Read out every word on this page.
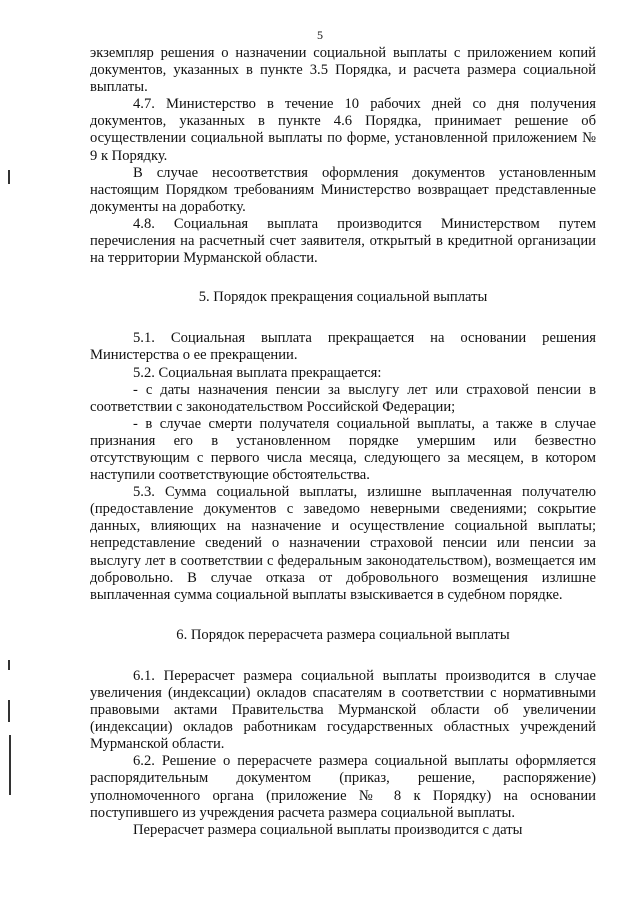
5

экземпляр решения о назначении социальной выплаты с приложением копий документов, указанных в пункте 3.5 Порядка, и расчета размера социальной выплаты.

4.7. Министерство в течение 10 рабочих дней со дня получения документов, указанных в пункте 4.6 Порядка, принимает решение об осуществлении социальной выплаты по форме, установленной приложением № 9 к Порядку.

В случае несоответствия оформления документов установленным настоящим Порядком требованиям Министерство возвращает представленные документы на доработку.

4.8. Социальная выплата производится Министерством путем перечисления на расчетный счет заявителя, открытый в кредитной организации на территории Мурманской области.

5. Порядок прекращения социальной выплаты

5.1. Социальная выплата прекращается на основании решения Министерства о ее прекращении.

5.2. Социальная выплата прекращается:

- с даты назначения пенсии за выслугу лет или страховой пенсии в соответствии с законодательством Российской Федерации;

- в случае смерти получателя социальной выплаты, а также в случае признания его в установленном порядке умершим или безвестно отсутствующим с первого числа месяца, следующего за месяцем, в котором наступили соответствующие обстоятельства.

5.3. Сумма социальной выплаты, излишне выплаченная получателю (предоставление документов с заведомо неверными сведениями; сокрытие данных, влияющих на назначение и осуществление социальной выплаты; непредставление сведений о назначении страховой пенсии или пенсии за выслугу лет в соответствии с федеральным законодательством), возмещается им добровольно. В случае отказа от добровольного возмещения излишне выплаченная сумма социальной выплаты взыскивается в судебном порядке.

6. Порядок перерасчета размера социальной выплаты

6.1. Перерасчет размера социальной выплаты производится в случае увеличения (индексации) окладов спасателям в соответствии с нормативными правовыми актами Правительства Мурманской области об увеличении (индексации) окладов работникам государственных областных учреждений Мурманской области.

6.2. Решение о перерасчете размера социальной выплаты оформляется распорядительным документом (приказ, решение, распоряжение) уполномоченного органа (приложение № 8 к Порядку) на основании поступившего из учреждения расчета размера социальной выплаты.

Перерасчет размера социальной выплаты производится с даты
